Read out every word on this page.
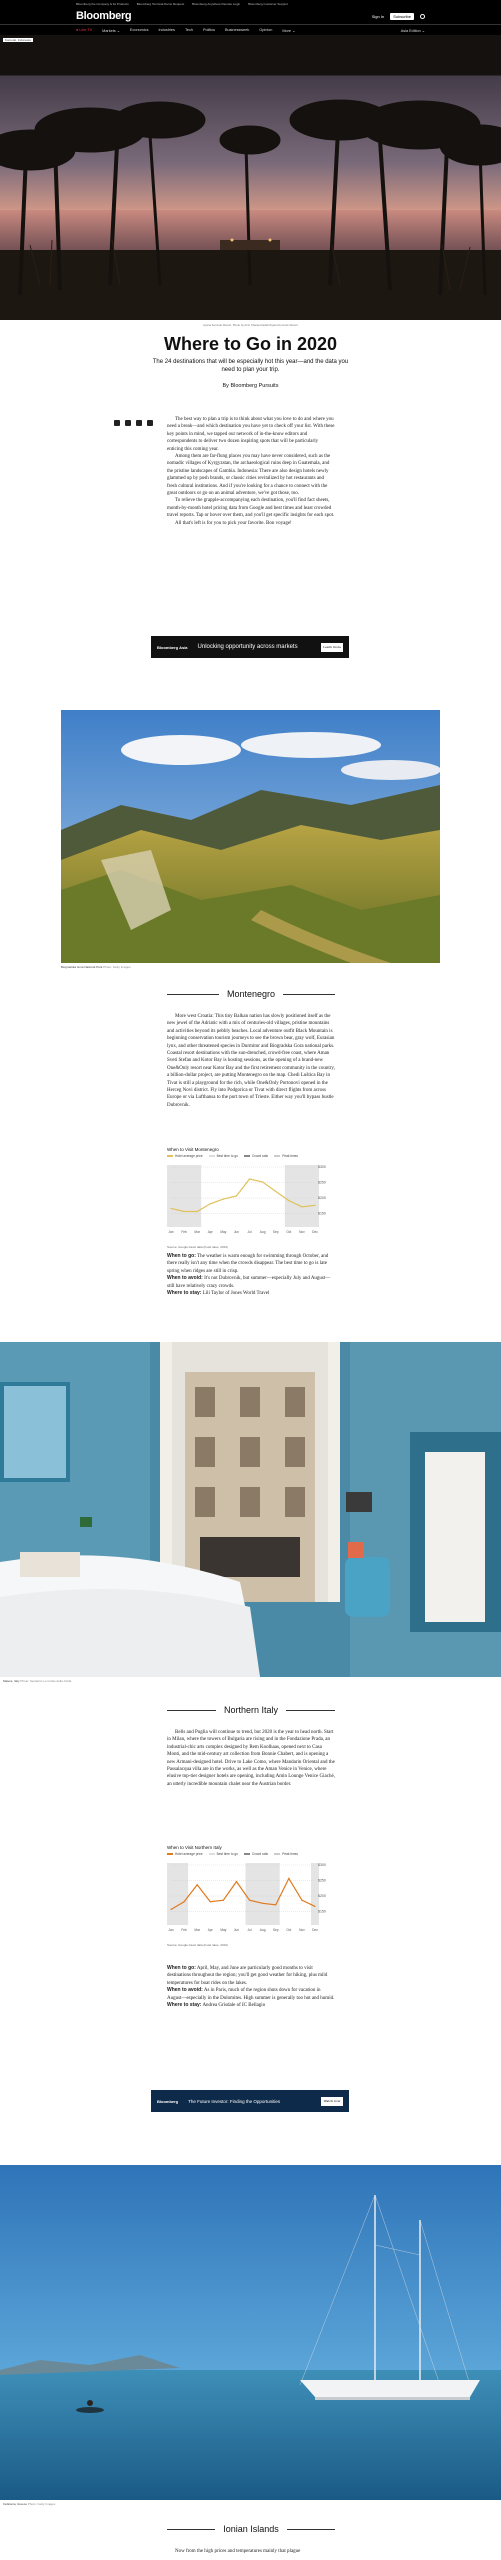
Bloomberg the Company & Its Products	Bloomberg Terminal Demo Request	Bloomberg Anywhere Remote Login	Bloomberg Customer Support
Bloomberg	Sign In	Subscribe
● Live TV	Markets ⌄	Economics	Industries	Tech	Politics	Businessweek	Opinion	More ⌄	Asia Edition ⌄
Komodo, Indonesia
Ayana Komodo Resort. Photo by Amir Kharamizadeh/Ayana Komodo Resort
Where to Go in 2020
The 24 destinations that will be especially hot this year—and the data you need to plan your trip.
By Bloomberg Pursuits

The best way to plan a trip is to think about what you love to do and where you need a break—and which destination you have yet to check off your list. With these key points in mind, we tapped our network of in-the-know editors and correspondents to deliver two dozen inspiring spots that will be particularly enticing this coming year.

Among them are far-flung places you may have never considered, such as the nomadic villages of Kyrgyzstan, the archaeological ruins deep in Guatemala, and the pristine landscapes of Gambia. Indonesia: There are also design hotels newly glammed up by posh brands, or classic cities revitalized by hot restaurants and fresh cultural institutions. And if you're looking for a chance to connect with the great outdoors or go on an animal adventure, we've got those, too.

To relieve the grapple-accompanying each destination, you'll find fact sheets, month-by-month hotel pricing data from Google and best times and least crowded travel reports. Tap or hover over them, and you'll get specific insights for each spot.

All that's left is for you to pick your favorite. Bon voyage!

Bloomberg Asia Unlocking opportunity across markets	Learn more
Biogradska Gora National Park Photo: Getty Images
Montenegro
More west Croatia: This tiny Balkan nation has slowly positioned itself as the new jewel of the Adriatic with a mix of centuries-old villages, pristine mountains and activities beyond its pebbly beaches. Local adventure outfit Black Mountain is beginning conservation tourism journeys to see the brown bear, gray wolf, Eurasian lynx, and other threatened species in Durmitor and Biogradska Gora national parks. Coastal resort destinations with the sun-drenched, crowd-free coast, where Aman Sveti Stefan and Kotor Bay is hosting sessions, as the opening of a brand-new One&Only resort near Kotor Bay and the first retirement community in the country, a billion-dollar project, are putting Montenegro on the map. Chedi Luštica Bay in Tivat is still a playground for the rich, while One&Only Portonovi opened in the Herceg Novi district. Fly into Podgorica or Tivat with direct flights from across Europe or via Lufthansa to the port town of Trieste. Either way you'll bypass bustle Dubrovnik.
When to Visit Montenegro
Hotel average price	Best time to go	Crowd ratio	Peak times
$300
$250
$200
$150
Jan Feb Mar Apr May Jun	Jul	Aug Sep Oct Nov Dec
Source: Google travel data (hotel rates, 2019)

When to go: The weather is warm enough for swimming through October, and there really isn't any time when the crowds disappear. The best time to go is late spring when ridges are still in crisp.

When to avoid: It's not Dubrovnik, but summer—especially July and August—still have relatively crazy crowds.

Where to stay: Lili Taylor of Jones World Travel

Matera, Italy Photo: Sextantio Le Grotte della Civita
Northern Italy
Bells and Puglia will continue to trend, but 2020 is the year to head north. Start in Milan, where the towers of Bulgaria are rising and in the Fondazione Prada, an industrial-chic arts complex designed by Rem Koolhaas, opened next to Casa Monti, and the mid-century art collection from Bonnie Chabert, and is opening a new Armani-designed hotel. Drive to Lake Como, where Mandarin Oriental and the Passalacqua villa are in the works, as well as the Aman Venice in Venice, where elusive top-tier designer hotels are opening, including Amin Lounge Venice Giaché, an utterly incredible mountain chalet near the Austrian border.
When to Visit Northern Italy
Hotel average price	Best time to go	Crowd ratio	Peak times
$300
$250
$200
$150
Jan Feb Mar Apr May Jun	Jul	Aug Sep Oct Nov Dec
Source: Google travel data (hotel rates, 2019)

When to go: April, May, and June are particularly good months to visit destinations throughout the region; you'll get good weather for hiking, plus mild temperatures for boat rides on the lakes.

When to avoid: As in Paris, much of the region shuts down for vacation in August—especially in the Dolomites. High summer is generally too hot and humid.

Where to stay: Andrea Grisdale of IC Bellagio

Bloomberg The Future Investor: Finding the Opportunities	Watch now
Kefalonia, Greece Photo: Getty Images
Ionian Islands
Now from the high prices and temperatures mainly that plague
